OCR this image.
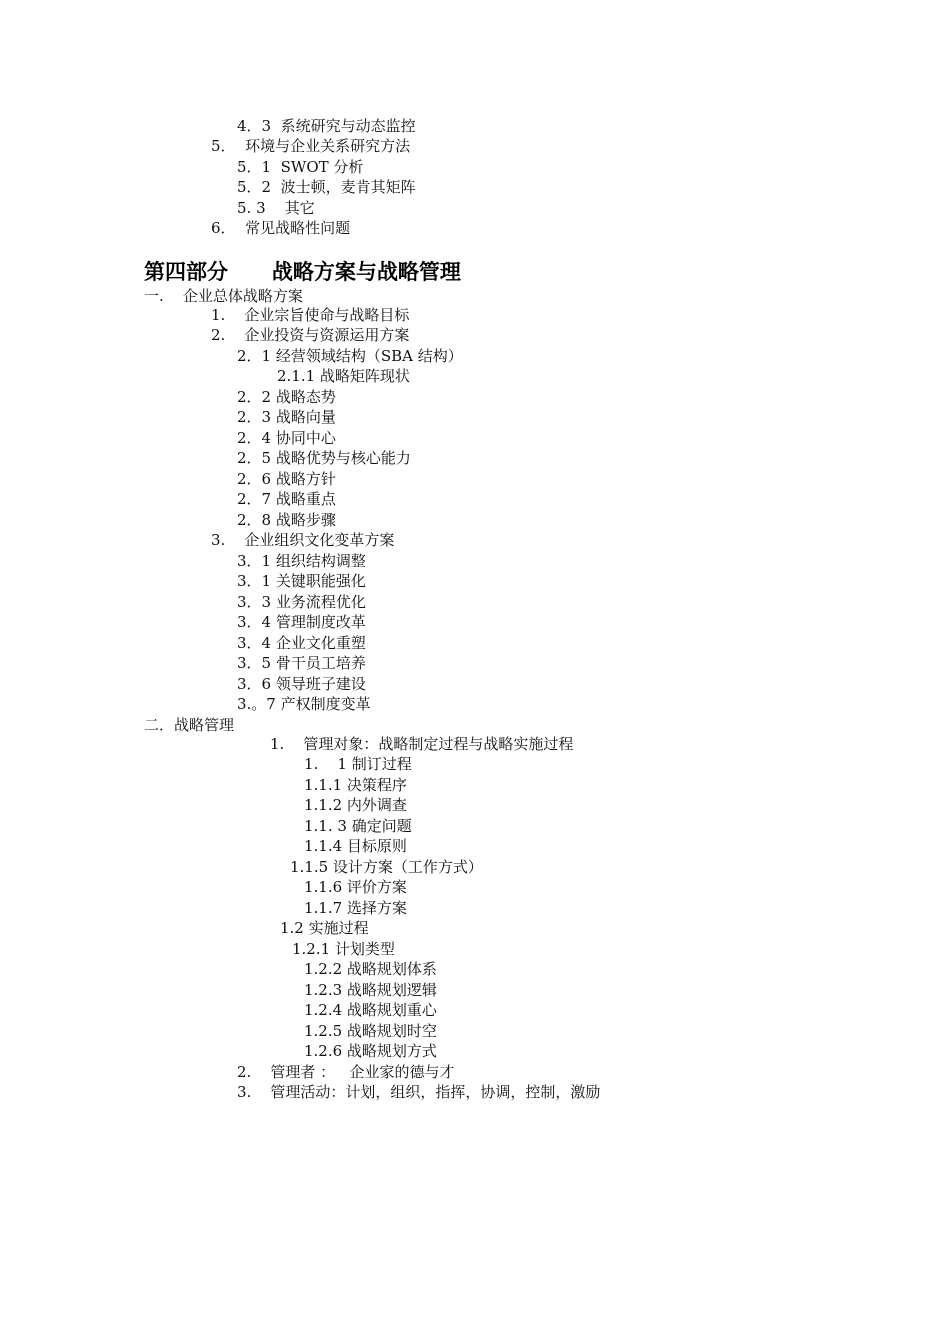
4．3  系统研究与动态监控
5．  环境与企业关系研究方法
5．1  SWOT 分析
5．2  波士顿，麦肯其矩阵
5. 3    其它
6．  常见战略性问题
第四部分      战略方案与战略管理
一.    企业总体战略方案
1.    企业宗旨使命与战略目标
2.    企业投资与资源运用方案
2．1 经营领域结构（SBA 结构）
2.1.1 战略矩阵现状
2．2 战略态势
2．3 战略向量
2．4 协同中心
2．5 战略优势与核心能力
2．6 战略方针
2．7 战略重点
2．8 战略步骤
3.    企业组织文化变革方案
3．1 组织结构调整
3．1 关键职能强化
3．3 业务流程优化
3．4 管理制度改革
3．4 企业文化重塑
3．5 骨干员工培养
3．6 领导班子建设
3.。7 产权制度变革
二．战略管理
1.    管理对象：战略制定过程与战略实施过程
1.    1 制订过程
1.1.1 决策程序
1.1.2 内外调查
1.1. 3 确定问题
1.1.4 目标原则
1.1.5 设计方案（工作方式）
1.1.6 评价方案
1.1.7 选择方案
1.2 实施过程
1.2.1 计划类型
1.2.2 战略规划体系
1.2.3 战略规划逻辑
1.2.4 战略规划重心
1.2.5 战略规划时空
1.2.6 战略规划方式
2.    管理者 ：   企业家的德与才
3.    管理活动：计划，组织，指挥，协调，控制，激励
